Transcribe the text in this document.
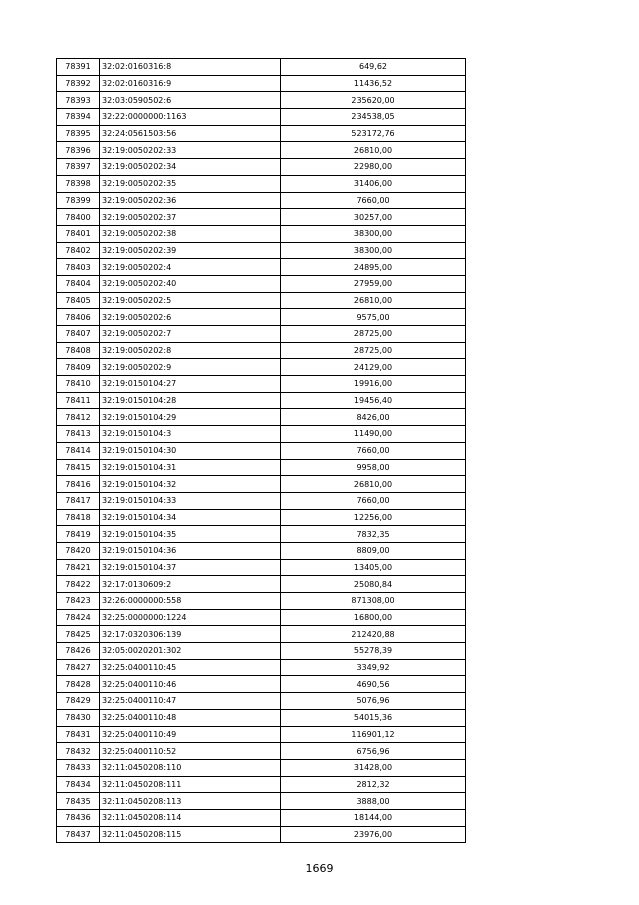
78391	32:02:0160316:8	649,62
78392	32:02:0160316:9	11436,52
78393	32:03:0590502:6	235620,00
78394	32:22:0000000:1163	234538,05
78395	32:24:0561503:56	523172,76
78396	32:19:0050202:33	26810,00
78397	32:19:0050202:34	22980,00
78398	32:19:0050202:35	31406,00
78399	32:19:0050202:36	7660,00
78400	32:19:0050202:37	30257,00
78401	32:19:0050202:38	38300,00
78402	32:19:0050202:39	38300,00
78403	32:19:0050202:4	24895,00
78404	32:19:0050202:40	27959,00
78405	32:19:0050202:5	26810,00
78406	32:19:0050202:6	9575,00
78407	32:19:0050202:7	28725,00
78408	32:19:0050202:8	28725,00
78409	32:19:0050202:9	24129,00
78410	32:19:0150104:27	19916,00
78411	32:19:0150104:28	19456,40
78412	32:19:0150104:29	8426,00
78413	32:19:0150104:3	11490,00
78414	32:19:0150104:30	7660,00
78415	32:19:0150104:31	9958,00
78416	32:19:0150104:32	26810,00
78417	32:19:0150104:33	7660,00
78418	32:19:0150104:34	12256,00
78419	32:19:0150104:35	7832,35
78420	32:19:0150104:36	8809,00
78421	32:19:0150104:37	13405,00
78422	32:17:0130609:2	25080,84
78423	32:26:0000000:558	871308,00
78424	32:25:0000000:1224	16800,00
78425	32:17:0320306:139	212420,88
78426	32:05:0020201:302	55278,39
78427	32:25:0400110:45	3349,92
78428	32:25:0400110:46	4690,56
78429	32:25:0400110:47	5076,96
78430	32:25:0400110:48	54015,36
78431	32:25:0400110:49	116901,12
78432	32:25:0400110:52	6756,96
78433	32:11:0450208:110	31428,00
78434	32:11:0450208:111	2812,32
78435	32:11:0450208:113	3888,00
78436	32:11:0450208:114	18144,00
78437	32:11:0450208:115	23976,00
1669
